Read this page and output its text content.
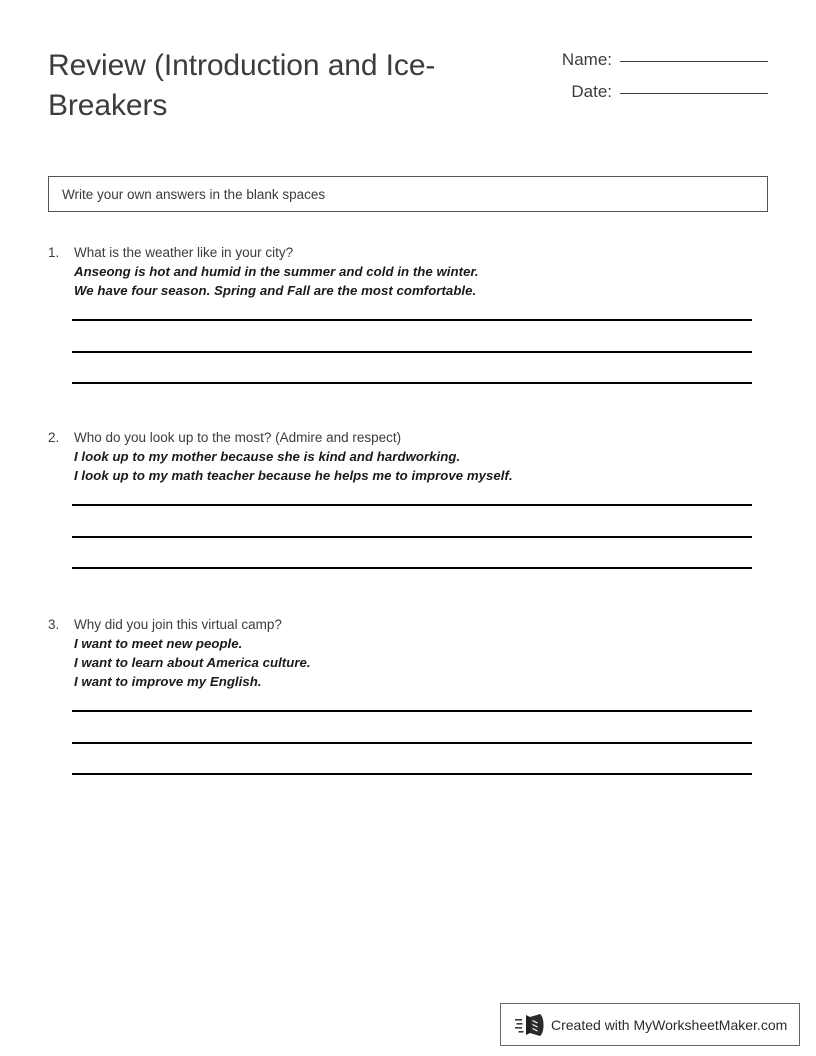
Review (Introduction and Ice-Breakers
Name:
Date:
Write your own answers in the blank spaces
1.	What is the weather like in your city?
Anseong is hot and humid in the summer and cold in the winter.
We have four season. Spring and Fall are the most comfortable.
2.	Who do you look up to the most? (Admire and respect)
I look up to my mother because she is kind and hardworking.
I look up to my math teacher because he helps me to improve myself.
3.	Why did you join this virtual camp?
I want to meet new people.
I want to learn about America culture.
I want to improve my English.
Created with MyWorksheetMaker.com
